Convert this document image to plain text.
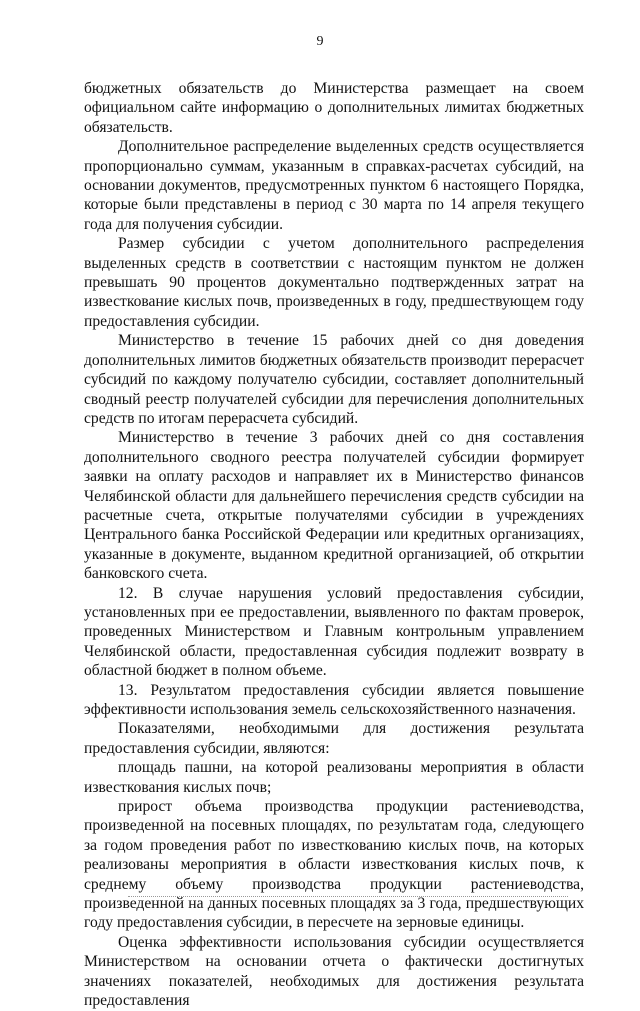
9

бюджетных обязательств до Министерства размещает на своем официальном сайте информацию о дополнительных лимитах бюджетных обязательств.

Дополнительное распределение выделенных средств осуществляется пропорционально суммам, указанным в справках-расчетах субсидий, на основании документов, предусмотренных пунктом 6 настоящего Порядка, которые были представлены в период с 30 марта по 14 апреля текущего года для получения субсидии.

Размер субсидии с учетом дополнительного распределения выделенных средств в соответствии с настоящим пунктом не должен превышать 90 процентов документально подтвержденных затрат на известкование кислых почв, произведенных в году, предшествующем году предоставления субсидии.

Министерство в течение 15 рабочих дней со дня доведения дополнительных лимитов бюджетных обязательств производит перерасчет субсидий по каждому получателю субсидии, составляет дополнительный сводный реестр получателей субсидии для перечисления дополнительных средств по итогам перерасчета субсидий.

Министерство в течение 3 рабочих дней со дня составления дополнительного сводного реестра получателей субсидии формирует заявки на оплату расходов и направляет их в Министерство финансов Челябинской области для дальнейшего перечисления средств субсидии на расчетные счета, открытые получателями субсидии в учреждениях Центрального банка Российской Федерации или кредитных организациях, указанные в документе, выданном кредитной организацией, об открытии банковского счета.

12. В случае нарушения условий предоставления субсидии, установленных при ее предоставлении, выявленного по фактам проверок, проведенных Министерством и Главным контрольным управлением Челябинской области, предоставленная субсидия подлежит возврату в областной бюджет в полном объеме.

13. Результатом предоставления субсидии является повышение эффективности использования земель сельскохозяйственного назначения.

Показателями, необходимыми для достижения результата предоставления субсидии, являются:

площадь пашни, на которой реализованы мероприятия в области известкования кислых почв;

прирост объема производства продукции растениеводства, произведенной на посевных площадях, по результатам года, следующего за годом проведения работ по известкованию кислых почв, на которых реализованы мероприятия в области известкования кислых почв, к среднему объему производства продукции растениеводства, произведенной на данных посевных площадях за 3 года, предшествующих году предоставления субсидии, в пересчете на зерновые единицы.

Оценка эффективности использования субсидии осуществляется Министерством на основании отчета о фактически достигнутых значениях показателей, необходимых для достижения результата предоставления
